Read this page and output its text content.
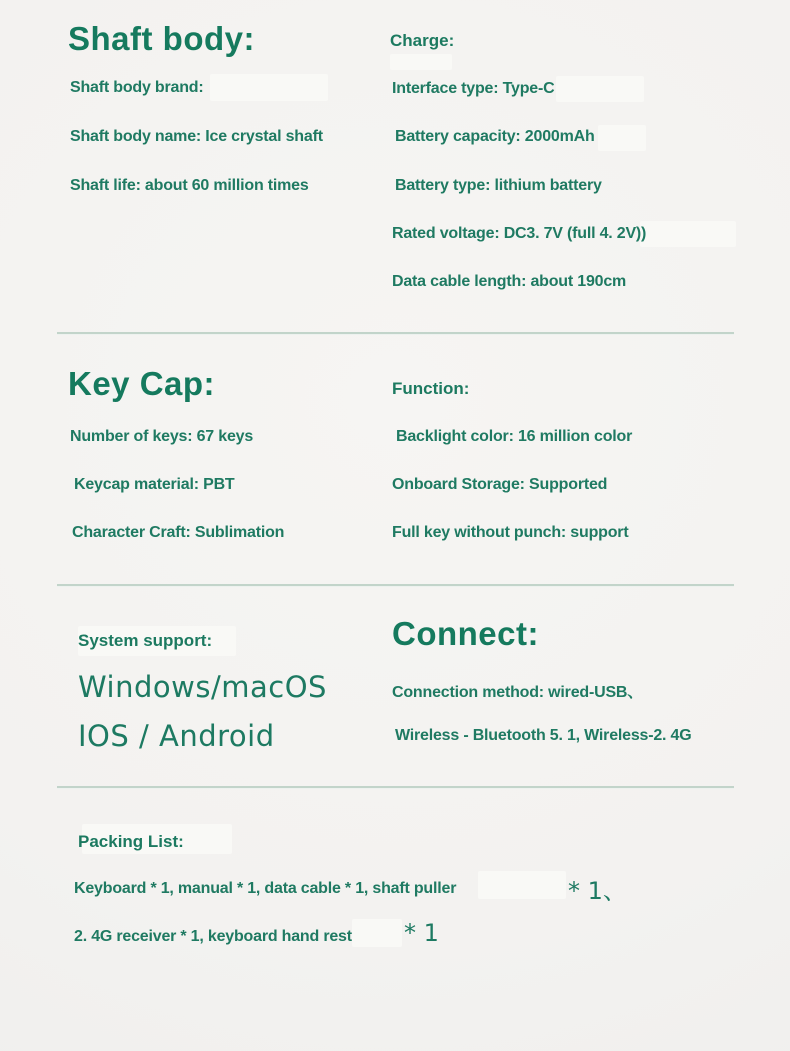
Shaft body:
Shaft body brand:
Shaft body name: Ice crystal shaft
Shaft life: about 60 million times
Charge:
Interface type: Type-C
Battery capacity: 2000mAh
Battery type: lithium battery
Rated voltage: DC3. 7V (full 4. 2V))
Data cable length: about 190cm
Key Cap:
Number of keys: 67 keys
Keycap material: PBT
Character Craft: Sublimation
Function:
Backlight color: 16 million color
Onboard Storage: Supported
Full key without punch: support
System support:
Windows/macOS
IOS / Android
Connect:
Connection method: wired-USB、
Wireless - Bluetooth 5. 1, Wireless-2. 4G
Packing List:
Keyboard * 1, manual * 1, data cable * 1, shaft puller	* 1、
2. 4G receiver * 1, keyboard hand rest * 1
